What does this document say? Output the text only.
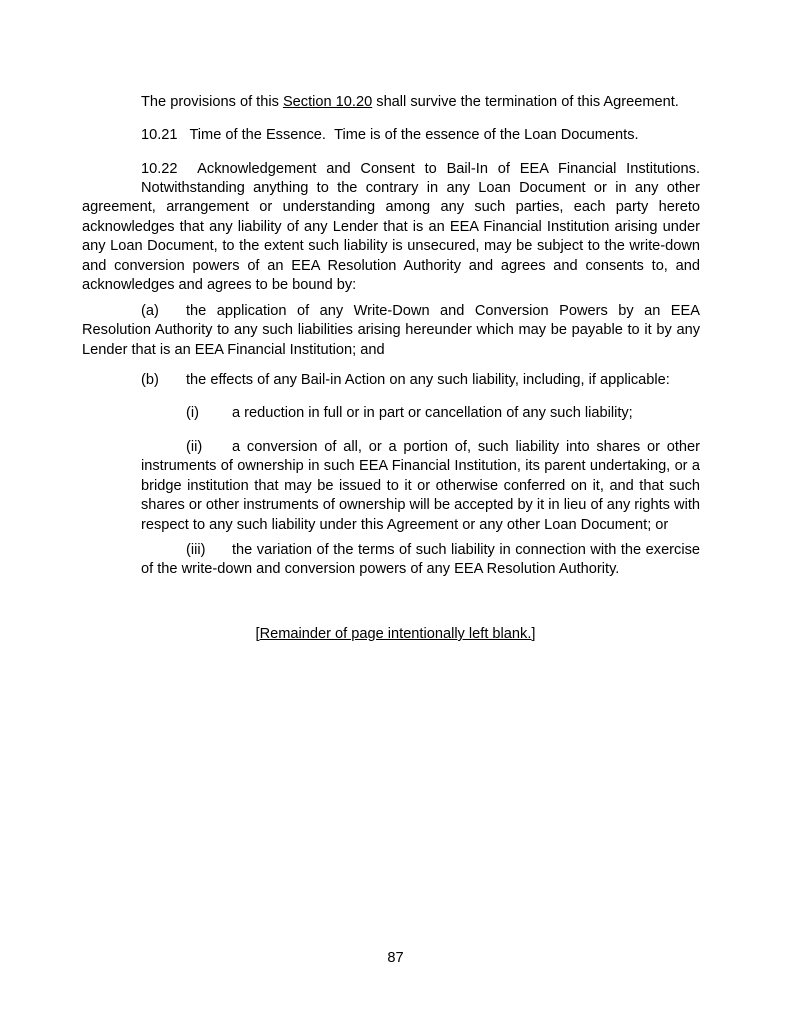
The provisions of this Section 10.20 shall survive the termination of this Agreement.

10.21 Time of the Essence. Time is of the essence of the Loan Documents.

10.22 Acknowledgement and Consent to Bail-In of EEA Financial Institutions.

Notwithstanding anything to the contrary in any Loan Document or in any other agreement, arrangement or understanding among any such parties, each party hereto acknowledges that any liability of any Lender that is an EEA Financial Institution arising under any Loan Document, to the extent such liability is unsecured, may be subject to the write-down and conversion powers of an EEA Resolution Authority and agrees and consents to, and acknowledges and agrees to be bound by:

(a) the application of any Write-Down and Conversion Powers by an EEA Resolution Authority to any such liabilities arising hereunder which may be payable to it by any Lender that is an EEA Financial Institution; and

(b) the effects of any Bail-in Action on any such liability, including, if applicable:

(i) a reduction in full or in part or cancellation of any such liability;

(ii) a conversion of all, or a portion of, such liability into shares or other instruments of ownership in such EEA Financial Institution, its parent undertaking, or a bridge institution that may be issued to it or otherwise conferred on it, and that such shares or other instruments of ownership will be accepted by it in lieu of any rights with respect to any such liability under this Agreement or any other Loan Document; or

(iii) the variation of the terms of such liability in connection with the exercise of the write-down and conversion powers of any EEA Resolution Authority.

[Remainder of page intentionally left blank.]

87
